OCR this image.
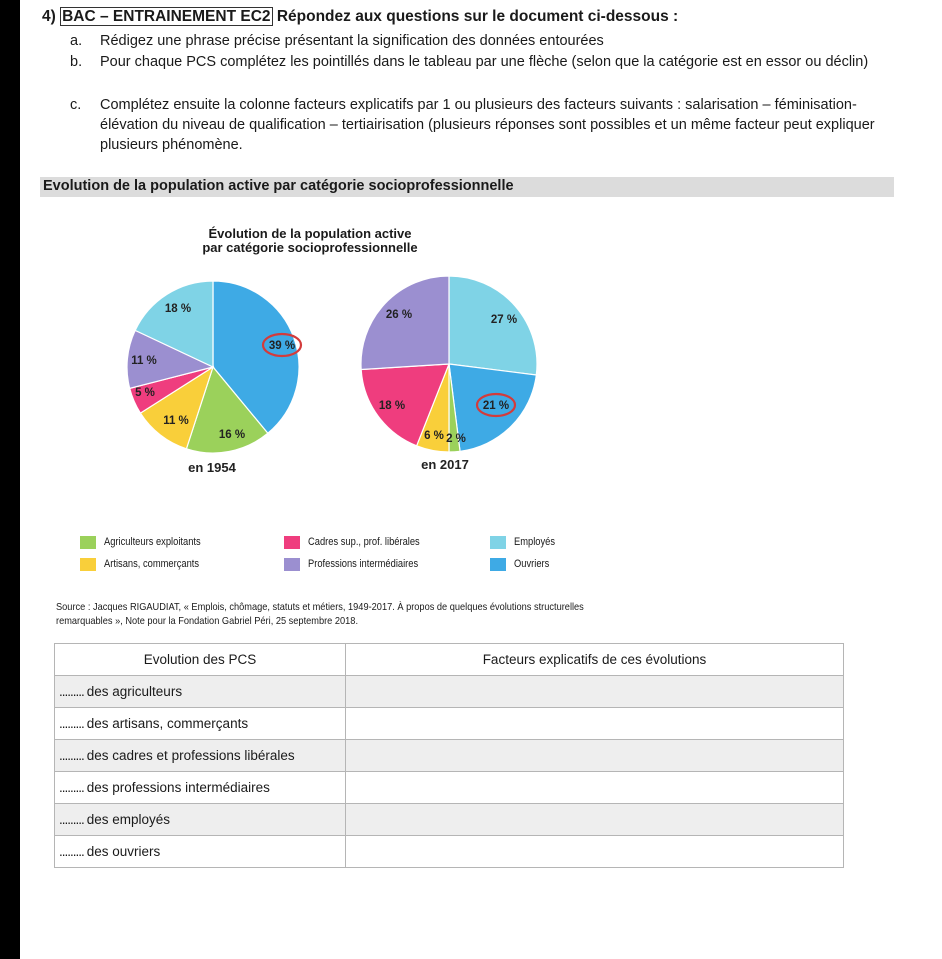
4) BAC – ENTRAINEMENT EC2 Répondez aux questions sur le document ci-dessous :
a. Rédigez une phrase précise présentant la signification des données entourées
b. Pour chaque PCS complétez les pointillés dans le tableau par une flèche (selon que la catégorie est en essor ou déclin)
c. Complétez ensuite la colonne facteurs explicatifs par 1 ou plusieurs des facteurs suivants : salarisation – féminisation- élévation du niveau de qualification – tertiairisation (plusieurs réponses sont possibles et un même facteur peut expliquer plusieurs phénomène.
Evolution de la population active par catégorie socioprofessionnelle
Évolution de la population active
par catégorie socioprofessionnelle
39 %
16 %
11 %
5 %
11 %
18 %
en 1954
27 %
21 %
2 %
6 %
18 %
26 %
en 2017
Agriculteurs exploitants
Artisans, commerçants
Cadres sup., prof. libérales
Professions intermédiaires
Employés
Ouvriers
Source : Jacques RIGAUDIAT, « Emplois, chômage, statuts et métiers, 1949-2017. À propos de quelques évolutions structurelles remarquables », Note pour la Fondation Gabriel Péri, 25 septembre 2018.
Evolution des PCS	Facteurs explicatifs de ces évolutions
......... des agriculteurs	
......... des artisans, commerçants	
......... des cadres et professions libérales	
......... des professions intermédiaires	
......... des employés	
......... des ouvriers	
